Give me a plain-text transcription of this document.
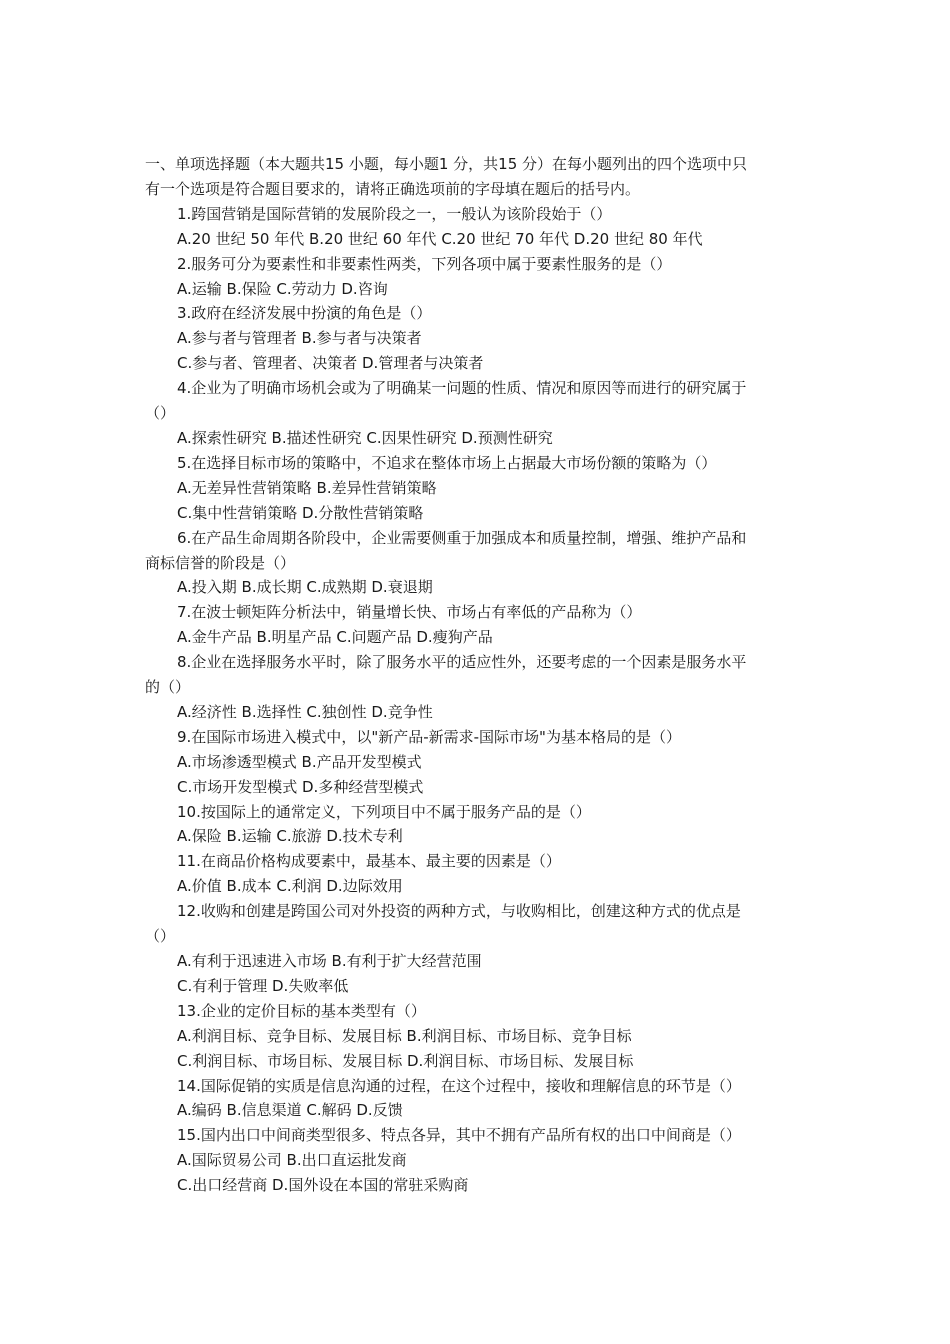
一、单项选择题（本大题共15 小题，每小题1 分，共15 分）在每小题列出的四个选项中只
有一个选项是符合题目要求的，请将正确选项前的字母填在题后的括号内。
1.跨国营销是国际营销的发展阶段之一，一般认为该阶段始于（）
A.20 世纪 50 年代 B.20 世纪 60 年代 C.20 世纪 70 年代 D.20 世纪 80 年代
2.服务可分为要素性和非要素性两类，下列各项中属于要素性服务的是（）
A.运输 B.保险 C.劳动力 D.咨询
3.政府在经济发展中扮演的角色是（）
A.参与者与管理者 B.参与者与决策者
C.参与者、管理者、决策者 D.管理者与决策者
4.企业为了明确市场机会或为了明确某一问题的性质、情况和原因等而进行的研究属于
（）
A.探索性研究 B.描述性研究 C.因果性研究 D.预测性研究
5.在选择目标市场的策略中，不追求在整体市场上占据最大市场份额的策略为（）
A.无差异性营销策略 B.差异性营销策略
C.集中性营销策略 D.分散性营销策略
6.在产品生命周期各阶段中，企业需要侧重于加强成本和质量控制，增强、维护产品和
商标信誉的阶段是（）
A.投入期 B.成长期 C.成熟期 D.衰退期
7.在波士顿矩阵分析法中，销量增长快、市场占有率低的产品称为（）
A.金牛产品 B.明星产品 C.问题产品 D.瘦狗产品
8.企业在选择服务水平时，除了服务水平的适应性外，还要考虑的一个因素是服务水平
的（）
A.经济性 B.选择性 C.独创性 D.竞争性
9.在国际市场进入模式中，以"新产品-新需求-国际市场"为基本格局的是（）
A.市场渗透型模式 B.产品开发型模式
C.市场开发型模式 D.多种经营型模式
10.按国际上的通常定义，下列项目中不属于服务产品的是（）
A.保险 B.运输 C.旅游 D.技术专利
11.在商品价格构成要素中，最基本、最主要的因素是（）
A.价值 B.成本 C.利润 D.边际效用
12.收购和创建是跨国公司对外投资的两种方式，与收购相比，创建这种方式的优点是
（）
A.有利于迅速进入市场 B.有利于扩大经营范围
C.有利于管理 D.失败率低
13.企业的定价目标的基本类型有（）
A.利润目标、竞争目标、发展目标 B.利润目标、市场目标、竞争目标
C.利润目标、市场目标、发展目标 D.利润目标、市场目标、发展目标
14.国际促销的实质是信息沟通的过程，在这个过程中，接收和理解信息的环节是（）
A.编码 B.信息渠道 C.解码 D.反馈
15.国内出口中间商类型很多、特点各异，其中不拥有产品所有权的出口中间商是（）
A.国际贸易公司 B.出口直运批发商
C.出口经营商 D.国外设在本国的常驻采购商
